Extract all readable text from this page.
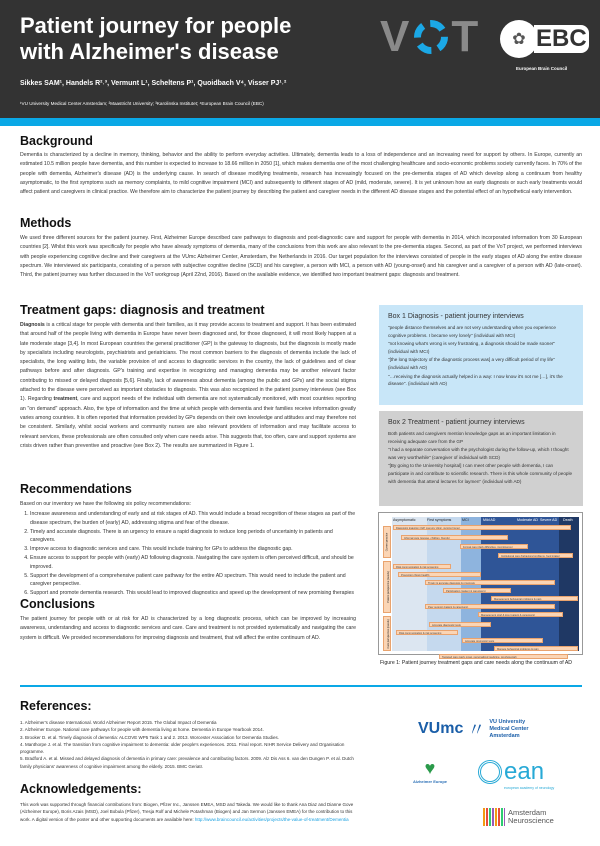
Patient journey for people
with Alzheimer's disease
Sikkes SAM¹, Handels R²˒³, Vermunt L¹, Scheltens P¹, Quoidbach V⁴, Visser PJ¹˒²
¹VU University Medical Center Amsterdam; ²Maastricht University; ³Karolinska Institutet; ⁴European Brain Council (EBC)
V T	✿ EBC
European Brain Council
Background
Dementia is characterized by a decline in memory, thinking, behavior and the ability to perform everyday activities. Ultimately, dementia leads to a loss of independence and an increasing need for support by others. In Europe, currently an estimated 10.5 million people have dementia, and this number is expected to increase to 18.66 million in 2050 [1], which makes dementia one of the most challenging healthcare and socio-economic problems society currently faces. In 70% of the people with dementia, Alzheimer's disease (AD) is the underlying cause. In search of disease modifying treatments, research has increasingly focused on the pre-dementia stages of AD which develop along a continuum from healthy asymptomatic, to the first symptoms such as memory complaints, to mild cognitive impairment (MCI) and subsequently to different stages of AD (mild, moderate, severe). It is yet unknown how an early diagnosis or such early treatments would affect patient and caregivers in clinical practice. We therefore aim to characterize the patient journey by describing the patient and caregiver needs in the different AD disease stages and the potential effect of an hypothetical early intervention.
Methods
We used three different sources for the patient journey. First, Alzheimer Europe described care pathways to diagnosis and post-diagnostic care and support for people with dementia in 2014, which incorporated information from 30 European countries [2]. Whilst this work was specifically for people who have already symptoms of dementia, many of the conclusions from this work are also relevant to the pre-dementia stages. Second, as part of the VoT project, we performed interviews with people experiencing cognitive decline and their caregivers at the VUmc Alzheimer Center, Amsterdam, the Netherlands in 2016. Our target population for the interviews consisted of people in the early stages of AD along the entire disease spectrum. We interviewed six participants, consisting of a person with subjective cognitive decline (SCD) and his caregiver, a person with MCI, a person with AD (young-onset) and his caregiver and a caregiver of a person with AD (late-onset). Third, the patient journey was further discussed in the VoT workgroup (April 22nd, 2016). Based on the available evidence, we identified two important treatment gaps: diagnosis and treatment.
Treatment gaps: diagnosis and treatment
Diagnosis is a critical stage for people with dementia and their families, as it may provide access to treatment and support. It has been estimated that around half of the people living with dementia in Europe have never been diagnosed and, for those diagnosed, it will most likely happen at a late moderate stage [3,4]. In most European countries the general practitioner (GP) is the gateway to diagnosis, but the diagnosis is mostly made by specialists including neurologists, psychiatrists and geriatricians. The most common barriers to the diagnosis of dementia include the lack of specialists, the long waiting lists, the variable provision of and access to diagnostic services in the country, the lack of guidelines and of clear pathways before and after diagnosis. GP's training and expertise in recognizing and managing dementia may be another relevant factor contributing to missed or delayed diagnosis [5,6]. Finally, lack of awareness about dementia (among the public and GPs) and the social stigma attached to the disease were perceived as important obstacles to diagnosis. This was also recognized in the patient journey interviews (see Box 1). Regarding treatment, care and support needs of the individual with dementia are not systematically monitored, with most countries reporting an "on demand" approach. Also, the type of information and the time at which people with dementia and their families receive information greatly varies among countries. It is often reported that information provided by GPs depends on their own knowledge and attitudes and may therefore not be consistent. Similarly, whilst social workers and community nurses are also relevant providers of information and may facilitate access to relevant services, these professionals are often consulted only when care needs arise. This suggests that, too often, care and support systems are crisis driven rather than preventive and proactive (see Box 2). The results are summarized in Figure 1.
Recommendations
Based on our inventory we have the following six policy recommendations:
1. Increase awareness and understanding of early and at risk stages of AD. This would include a broad recognition of these stages as part of the disease spectrum, the burden of (early) AD, addressing stigma and fear of the disease.
2. Timely and accurate diagnosis. There is an urgency to ensure a rapid diagnosis to reduce long periods of uncertainty in patients and caregivers.
3. Improve access to diagnostic services and care. This would include training for GPs to address the diagnostic gap.
4. Ensure access to support for people with (early) AD following diagnosis. Navigating the care system is often perceived difficult, and should be improved.
5. Support the development of a comprehensive patient care pathway for the entire AD spectrum. This would need to include the patient and caregiver perspective.
6. Support and promote dementia research. This would lead to improved diagnostics and speed up the development of new promising therapies
Conclusions
The patient journey for people with or at risk for AD is characterized by a long diagnostic process, which can be improved by increasing awareness, understanding and access to diagnostic services and care. Care and treatment is not provided systematically and navigating the care system is difficult. We provided recommendations for improving diagnosis and treatment, that will affect the entire continuum of AD.
Box 1 Diagnosis - patient journey interviews

"people distance themselves and are not very understanding when you experience cognitive problems. I became very lonely" (individual with MCI)

"not knowing what's wrong is very frustrating, a diagnosis should be made sooner" (individual with MCI)

"[the long trajectory of the diagnostic process was] a very difficult period of my life" (individual with AD)

"…receiving the diagnosis actually helped in a way: I now know it's not me […], it's the disease". (individual with AD)

Box 2 Treatment - patient journey interviews

Both patients and caregivers mention knowledge gaps as an important limitation in receiving adequate care from the GP

"I had a separate conversation with the psychologist during the follow-up, which I thought was very worthwhile" (caregiver of individual with SCD)

"[By going to the University hospital] I can meet other people with dementia, I can participate in and contribute to scientific research. There is this whole community of people with dementia that attend lectures for laymen" (individual with AD)

Current practice
Patient perspective (needs)
Care perspective (needs)
Diagnostic trajectory (GP, memory clinic, nursing home)
Informal care (spouse, children, friends)
Formal care (daily difficulties, incontinence)
Institutional care (behavioral problems, food intake)
Risk communication & risk screening
Prevention (brain health)
Timely & accurate diagnosis & prognosis
Participation (patient & caregivers)
Management behavioral problems & pain
Peer support (patient & caregivers)
Management grief & loss (patient & caregivers)
Accurate diagnostic tests
Risk communication & risk screening
Accurate prognostic tests
Manage behavioral problems & pain
Targeted care (early onset, personalized medicine, psychosocial)
Asymptomatic	First symptoms	MCI	Mild AD	Moderate AD Severe AD Death
Figure 1: Patient journey treatment gaps and care needs along the continuum of AD
References:
1. Alzheimer's disease International. World Alzheimer Report 2015. The Global Impact of Dementia
2. Alzheimer Europe. National care pathways for people with dementia living at home. Dementia in Europe Yearbook 2014.
3. Brooker D. et al. Timely diagnosis of dementia: ALCOVE WP5 Task 1 and 2. 2013. Worcester Association for Dementia Studies.
4. Manthorpe J. et al. The transition from cognitive impairment to dementia: older people's experiences. 2011. Final report. NIHR Service Delivery and Organisation programme.
5. Bradford A. et al. Missed and delayed diagnosis of dementia in primary care: prevalence and contributing factors. 2009. Alz Dis Ass 6. van den Dungen P. et al. Dutch family physicians' awareness of cognitive impairment among the elderly. 2015. BMC Geriatr.
Acknowledgements:
This work was supported through financial contributions from: Biogen, Pfizer Inc., Janssen EMEA, MSD and Takeda. We would like to thank Ana Diaz and Dianne Gove (Alzheimer Europe), Boris Azais (MSD), Joel Bobula (Pfizer), Tresja Rolf and Michele Potashman (Biogen) and Jan Sermon (Janssen EMEA) for the contribution to this work. A digital version of the poster and other supporting documents are available here: http://www.braincouncil.eu/activities/projects/the-value-of-treatment/Dementia
VUmc 〃 VU University Medical Center Amsterdam
♥
Alzheimer Europe ean
european academy of neurology
Amsterdam Neuroscience
